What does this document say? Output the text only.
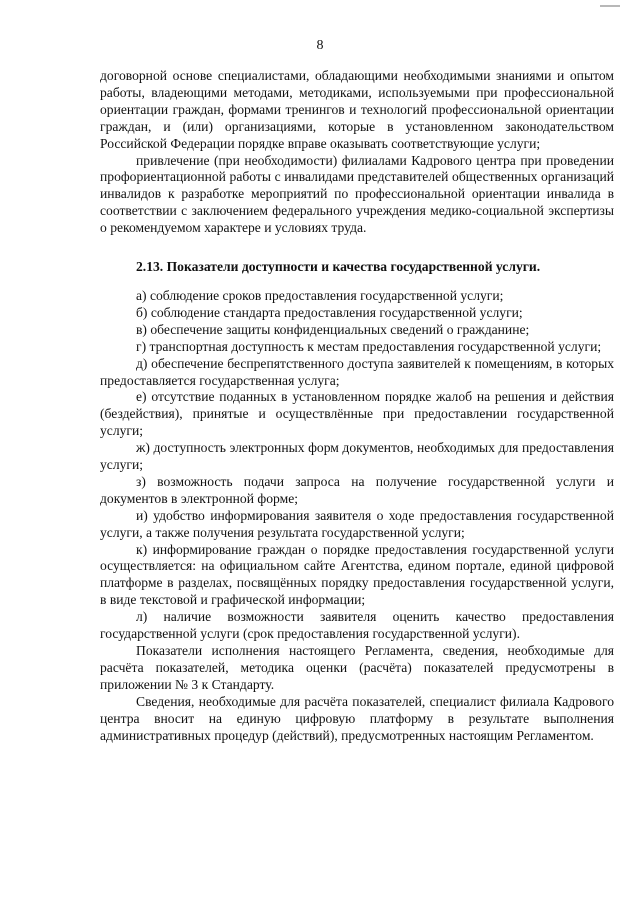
8

договорной основе специалистами, обладающими необходимыми знаниями и опытом работы, владеющими методами, методиками, используемыми при профессиональной ориентации граждан, формами тренингов и технологий профессиональной ориентации граждан, и (или) организациями, которые в установленном законодательством Российской Федерации порядке вправе оказывать соответствующие услуги;

привлечение (при необходимости) филиалами Кадрового центра при проведении профориентационной работы с инвалидами представителей общественных организаций инвалидов к разработке мероприятий по профессиональной ориентации инвалида в соответствии с заключением федерального учреждения медико-социальной экспертизы о рекомендуемом характере и условиях труда.

2.13. Показатели доступности и качества государственной услуги.

а) соблюдение сроков предоставления государственной услуги;

б) соблюдение стандарта предоставления государственной услуги;

в) обеспечение защиты конфиденциальных сведений о гражданине;

г) транспортная доступность к местам предоставления государственной услуги;

д) обеспечение беспрепятственного доступа заявителей к помещениям, в которых предоставляется государственная услуга;

е) отсутствие поданных в установленном порядке жалоб на решения и действия (бездействия), принятые и осуществлённые при предоставлении государственной услуги;

ж) доступность электронных форм документов, необходимых для предоставления услуги;

з) возможность подачи запроса на получение государственной услуги и документов в электронной форме;

и) удобство информирования заявителя о ходе предоставления государственной услуги, а также получения результата государственной услуги;

к) информирование граждан о порядке предоставления государственной услуги осуществляется: на официальном сайте Агентства, едином портале, единой цифровой платформе в разделах, посвящённых порядку предоставления государственной услуги, в виде текстовой и графической информации;

л) наличие возможности заявителя оценить качество предоставления государственной услуги (срок предоставления государственной услуги).

Показатели исполнения настоящего Регламента, сведения, необходимые для расчёта показателей, методика оценки (расчёта) показателей предусмотрены в приложении № 3 к Стандарту.

Сведения, необходимые для расчёта показателей, специалист филиала Кадрового центра вносит на единую цифровую платформу в результате выполнения административных процедур (действий), предусмотренных настоящим Регламентом.
